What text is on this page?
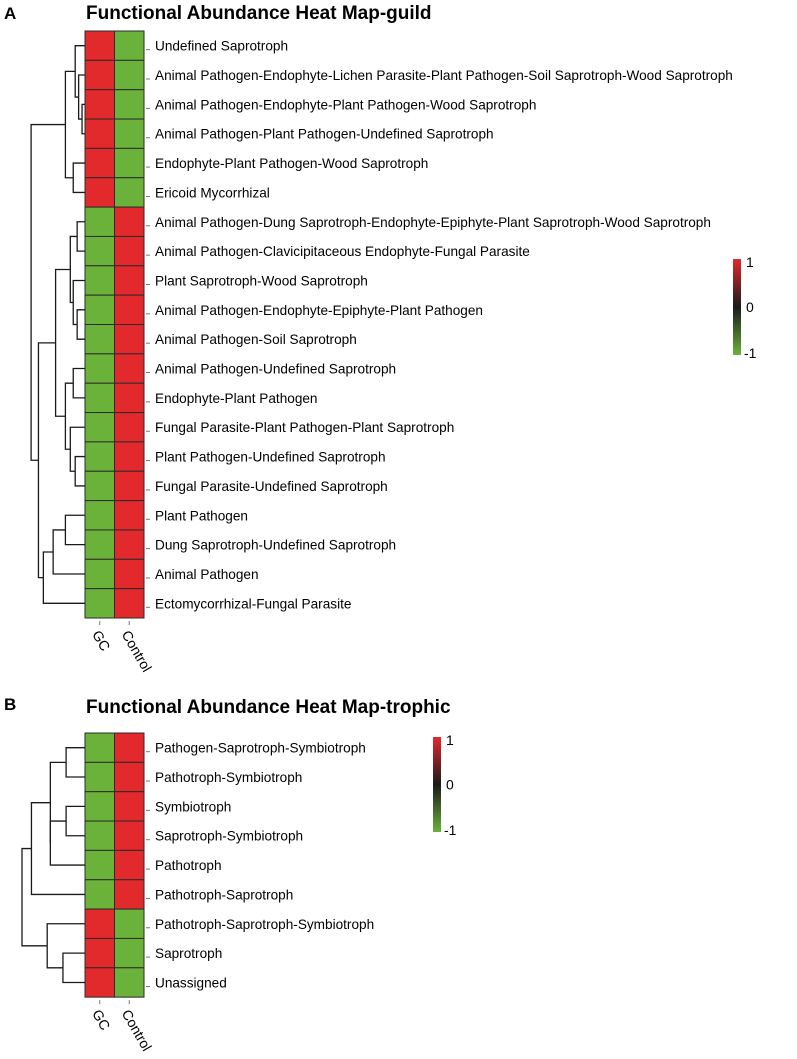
A	Functional Abundance Heat Map-guild
Undefined Saprotroph
Animal Pathogen-Endophyte-Lichen Parasite-Plant Pathogen-Soil Saprotroph-Wood Saprotroph
Animal Pathogen-Endophyte-Plant Pathogen-Wood Saprotroph
Animal Pathogen-Plant Pathogen-Undefined Saprotroph
Endophyte-Plant Pathogen-Wood Saprotroph
Ericoid Mycorrhizal
Animal Pathogen-Dung Saprotroph-Endophyte-Epiphyte-Plant Saprotroph-Wood Saprotroph
Animal Pathogen-Clavicipitaceous Endophyte-Fungal Parasite
Plant Saprotroph-Wood Saprotroph
Animal Pathogen-Endophyte-Epiphyte-Plant Pathogen
Animal Pathogen-Soil Saprotroph
Animal Pathogen-Undefined Saprotroph
Endophyte-Plant Pathogen
Fungal Parasite-Plant Pathogen-Plant Saprotroph
Plant Pathogen-Undefined Saprotroph
Fungal Parasite-Undefined Saprotroph
Plant Pathogen
Dung Saprotroph-Undefined Saprotroph
Animal Pathogen
Ectomycorrhizal-Fungal Parasite
GC Control
1
0
-1
B	Functional Abundance Heat Map-trophic
Pathogen-Saprotroph-Symbiotroph
Pathotroph-Symbiotroph
Symbiotroph
Saprotroph-Symbiotroph
Pathotroph
Pathotroph-Saprotroph
Pathotroph-Saprotroph-Symbiotroph
Saprotroph
Unassigned
GC Control
1
0
-1
